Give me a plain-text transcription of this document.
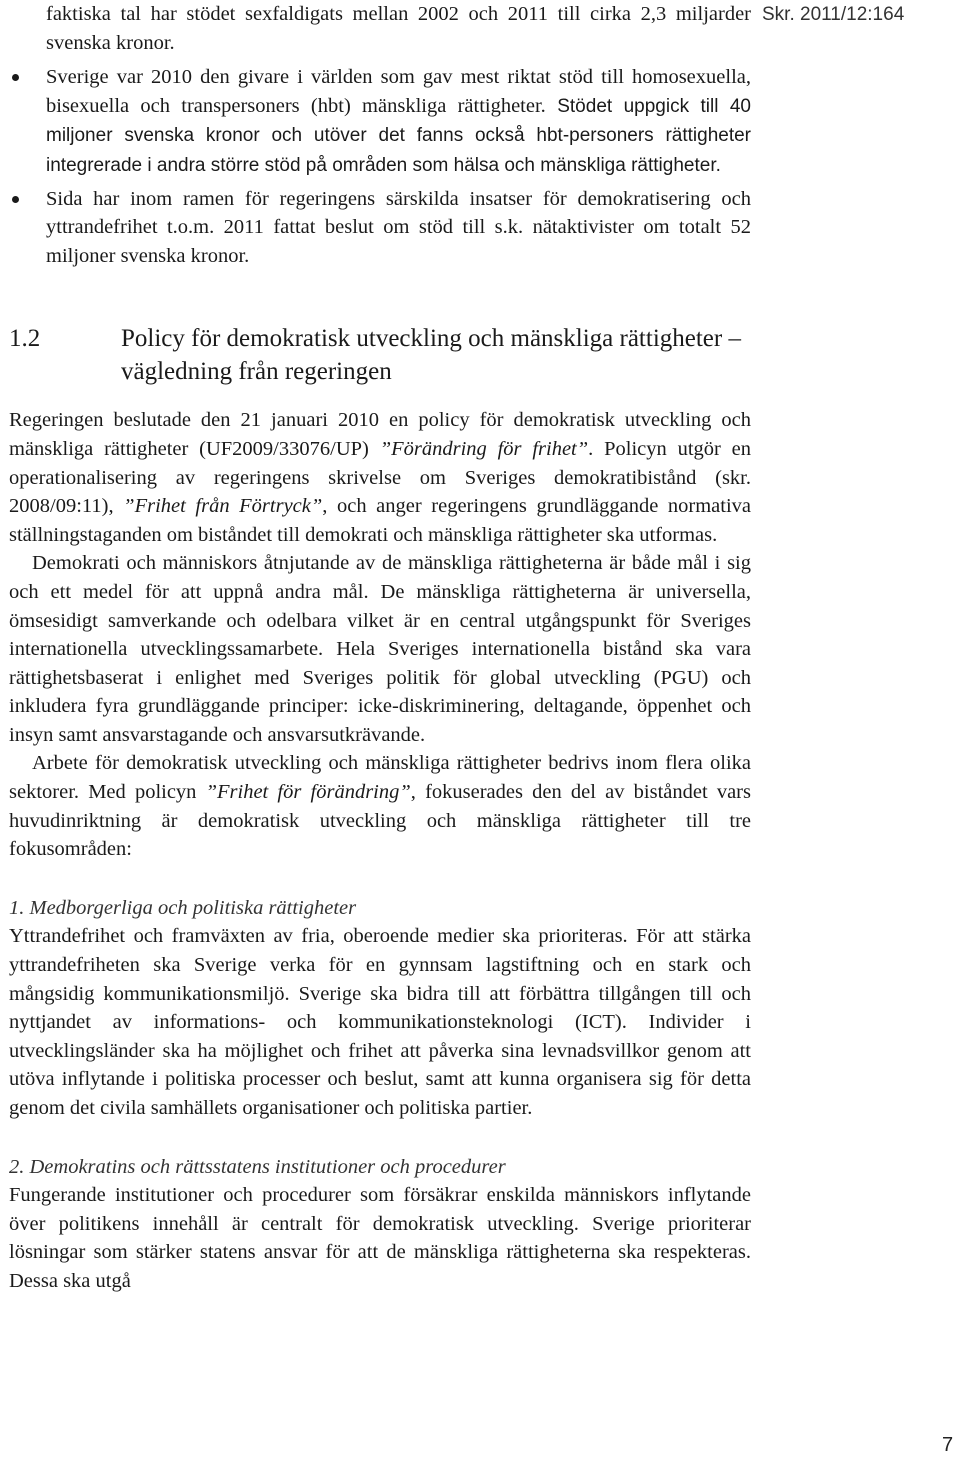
Skr. 2011/12:164

faktiska tal har stödet sexfaldigats mellan 2002 och 2011 till cirka 2,3 miljarder svenska kronor.

Sverige var 2010 den givare i världen som gav mest riktat stöd till homosexuella, bisexuella och transpersoners (hbt) mänskliga rättigheter. Stödet uppgick till 40 miljoner svenska kronor och utöver det fanns också hbt-personers rättigheter integrerade i andra större stöd på områden som hälsa och mänskliga rättigheter.
Sida har inom ramen för regeringens särskilda insatser för demokratisering och yttrandefrihet t.o.m. 2011 fattat beslut om stöd till s.k. nätaktivister om totalt 52 miljoner svenska kronor.

1.2	Policy för demokratisk utveckling och mänskliga rättigheter – vägledning från regeringen

Regeringen beslutade den 21 januari 2010 en policy för demokratisk utveckling och mänskliga rättigheter (UF2009/33076/UP) ”Förändring för frihet”. Policyn utgör en operationalisering av regeringens skrivelse om Sveriges demokratibistånd (skr. 2008/09:11), ”Frihet från Förtryck”, och anger regeringens grundläggande normativa ställningstaganden om biståndet till demokrati och mänskliga rättigheter ska utformas.

Demokrati och människors åtnjutande av de mänskliga rättigheterna är både mål i sig och ett medel för att uppnå andra mål. De mänskliga rättigheterna är universella, ömsesidigt samverkande och odelbara vilket är en central utgångspunkt för Sveriges internationella utvecklingssamarbete. Hela Sveriges internationella bistånd ska vara rättighetsbaserat i enlighet med Sveriges politik för global utveckling (PGU) och inkludera fyra grundläggande principer: icke-diskriminering, deltagande, öppenhet och insyn samt ansvarstagande och ansvarsutkrävande.

Arbete för demokratisk utveckling och mänskliga rättigheter bedrivs inom flera olika sektorer. Med policyn ”Frihet för förändring”, fokuserades den del av biståndet vars huvudinriktning är demokratisk utveckling och mänskliga rättigheter till tre fokusområden:

1. Medborgerliga och politiska rättigheter

Yttrandefrihet och framväxten av fria, oberoende medier ska prioriteras. För att stärka yttrandefriheten ska Sverige verka för en gynnsam lagstiftning och en stark och mångsidig kommunikationsmiljö. Sverige ska bidra till att förbättra tillgången till och nyttjandet av informations- och kommunikationsteknologi (ICT). Individer i utvecklingsländer ska ha möjlighet och frihet att påverka sina levnadsvillkor genom att utöva inflytande i politiska processer och beslut, samt att kunna organisera sig för detta genom det civila samhällets organisationer och politiska partier.

2. Demokratins och rättsstatens institutioner och procedurer

Fungerande institutioner och procedurer som försäkrar enskilda människors inflytande över politikens innehåll är centralt för demokratisk utveckling. Sverige prioriterar lösningar som stärker statens ansvar för att de mänskliga rättigheterna ska respekteras. Dessa ska utgå

7
